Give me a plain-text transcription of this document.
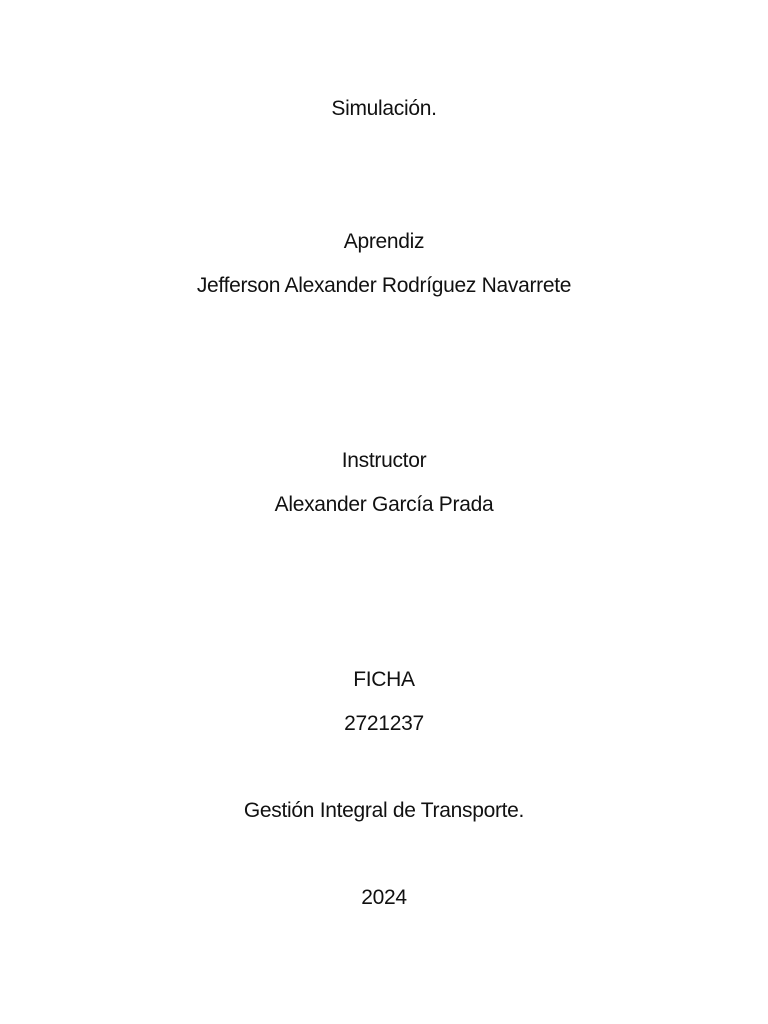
Simulación.
Aprendiz
Jefferson Alexander Rodríguez Navarrete
Instructor
Alexander García Prada
FICHA
2721237
Gestión Integral de Transporte.
2024
